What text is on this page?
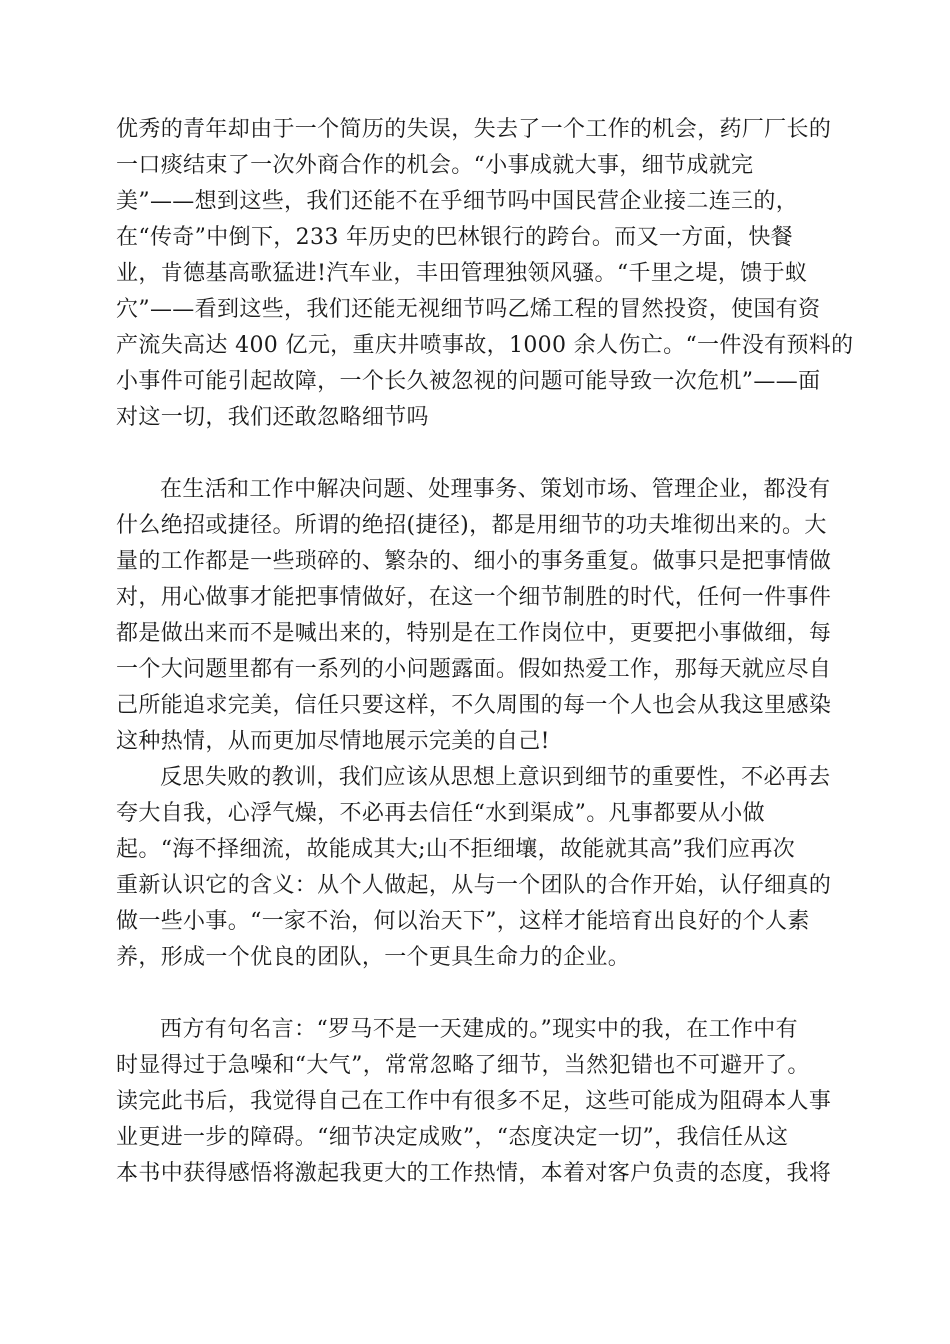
优秀的青年却由于一个简历的失误，失去了一个工作的机会，药厂厂长的
一口痰结束了一次外商合作的机会。“小事成就大事，细节成就完
美”——想到这些，我们还能不在乎细节吗中国民营企业接二连三的，
在“传奇”中倒下，233 年历史的巴林银行的跨台。而又一方面，快餐
业，肯德基高歌猛进!汽车业，丰田管理独领风骚。“千里之堤，馈于蚁
穴”——看到这些，我们还能无视细节吗乙烯工程的冒然投资，使国有资
产流失高达 400 亿元，重庆井喷事故，1000 余人伤亡。“一件没有预料的
小事件可能引起故障，一个长久被忽视的问题可能导致一次危机”——面
对这一切，我们还敢忽略细节吗
在生活和工作中解决问题、处理事务、策划市场、管理企业，都没有
什么绝招或捷径。所谓的绝招(捷径)，都是用细节的功夫堆彻出来的。大
量的工作都是一些琐碎的、繁杂的、细小的事务重复。做事只是把事情做
对，用心做事才能把事情做好，在这一个细节制胜的时代，任何一件事件
都是做出来而不是喊出来的，特别是在工作岗位中，更要把小事做细，每
一个大问题里都有一系列的小问题露面。假如热爱工作，那每天就应尽自
己所能追求完美，信任只要这样，不久周围的每一个人也会从我这里感染
这种热情，从而更加尽情地展示完美的自己!
反思失败的教训，我们应该从思想上意识到细节的重要性，不必再去
夸大自我，心浮气燥，不必再去信任“水到渠成”。凡事都要从小做
起。“海不择细流，故能成其大;山不拒细壤，故能就其高”我们应再次
重新认识它的含义：从个人做起，从与一个团队的合作开始，认仔细真的
做一些小事。“一家不治，何以治天下”，这样才能培育出良好的个人素
养，形成一个优良的团队，一个更具生命力的企业。
西方有句名言：“罗马不是一天建成的。”现实中的我，在工作中有
时显得过于急噪和“大气”，常常忽略了细节，当然犯错也不可避开了。
读完此书后，我觉得自己在工作中有很多不足，这些可能成为阻碍本人事
业更进一步的障碍。“细节决定成败”，“态度决定一切”，我信任从这
本书中获得感悟将激起我更大的工作热情，本着对客户负责的态度，我将
